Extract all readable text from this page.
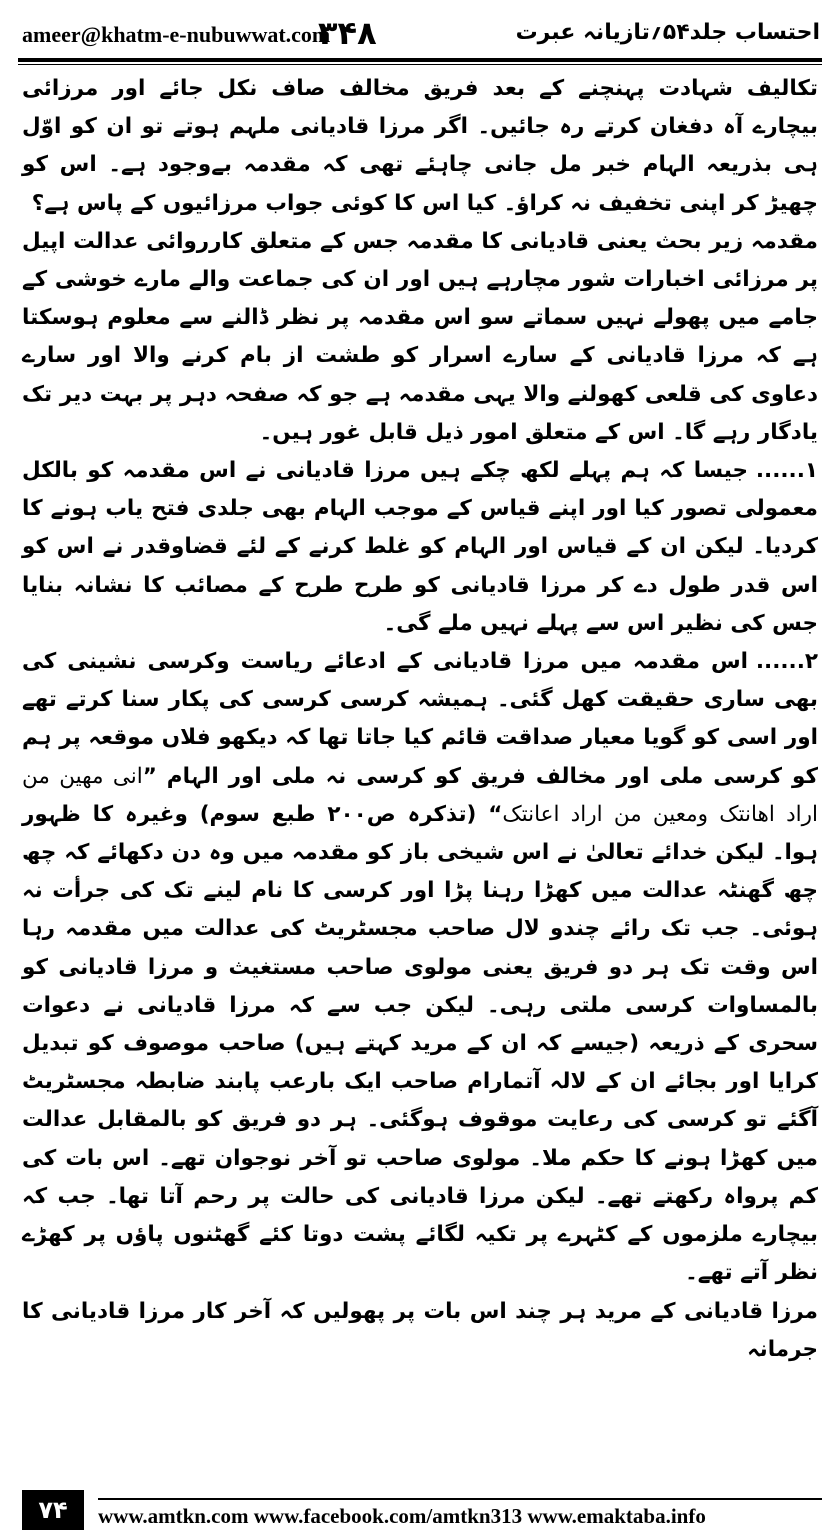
ameer@khatm-e-nubuwwat.com
۳۴۸	احتساب جلد۵۴؍تازیانہ عبرت

تکالیف شہادت پہنچنے کے بعد فریق مخالف صاف نکل جائے اور مرزائی بیچارے آہ دفغان کرتے رہ جائیں۔ اگر مرزا قادیانی ملہم ہوتے تو ان کو اوّل ہی بذریعہ الہام خبر مل جانی چاہئے تھی کہ مقدمہ بےوجود ہے۔ اس کو چھیڑ کر اپنی تخفیف نہ کراؤ۔ کیا اس کا کوئی جواب مرزائیوں کے پاس ہے؟

مقدمہ زیر بحث یعنی قادیانی کا مقدمہ جس کے متعلق کارروائی عدالت اپیل پر مرزائی اخبارات شور مچارہے ہیں اور ان کی جماعت والے مارے خوشی کے جامے میں پھولے نہیں سماتے سو اس مقدمہ پر نظر ڈالنے سے معلوم ہوسکتا ہے کہ مرزا قادیانی کے سارے اسرار کو طشت از بام کرنے والا اور سارے دعاوی کی قلعی کھولنے والا یہی مقدمہ ہے جو کہ صفحہ دہر پر بہت دیر تک یادگار رہے گا۔ اس کے متعلق امور ذیل قابل غور ہیں۔

۱......جیسا کہ ہم پہلے لکھ چکے ہیں مرزا قادیانی نے اس مقدمہ کو بالکل معمولی تصور کیا اور اپنے قیاس کے موجب الہام بھی جلدی فتح یاب ہونے کا کردیا۔ لیکن ان کے قیاس اور الہام کو غلط کرنے کے لئے قضاوقدر نے اس کو اس قدر طول دے کر مرزا قادیانی کو طرح طرح کے مصائب کا نشانہ بنایا جس کی نظیر اس سے پہلے نہیں ملے گی۔

۲......اس مقدمہ میں مرزا قادیانی کے ادعائے ریاست وکرسی نشینی کی بھی ساری حقیقت کھل گئی۔ ہمیشہ کرسی کرسی کی پکار سنا کرتے تھے اور اسی کو گویا معیار صداقت قائم کیا جاتا تھا کہ دیکھو فلاں موقعہ پر ہم کو کرسی ملی اور مخالف فریق کو کرسی نہ ملی اور الہام ”انی مھین من اراد اھانتک ومعین من اراد اعانتک“ (تذکرہ ص۲۰۰ طبع سوم) وغیرہ کا ظہور ہوا۔ لیکن خدائے تعالیٰ نے اس شیخی باز کو مقدمہ میں وہ دن دکھائے کہ چھ چھ گھنٹہ عدالت میں کھڑا رہنا پڑا اور کرسی کا نام لینے تک کی جرأت نہ ہوئی۔ جب تک رائے چندو لال صاحب مجسٹریٹ کی عدالت میں مقدمہ رہا اس وقت تک ہر دو فریق یعنی مولوی صاحب مستغیث و مرزا قادیانی کو بالمساوات کرسی ملتی رہی۔ لیکن جب سے کہ مرزا قادیانی نے دعوات سحری کے ذریعہ (جیسے کہ ان کے مرید کہتے ہیں) صاحب موصوف کو تبدیل کرایا اور بجائے ان کے لالہ آتمارام صاحب ایک بارعب پابند ضابطہ مجسٹریٹ آگئے تو کرسی کی رعایت موقوف ہوگئی۔ ہر دو فریق کو بالمقابل عدالت میں کھڑا ہونے کا حکم ملا۔ مولوی صاحب تو آخر نوجوان تھے۔ اس بات کی کم پرواہ رکھتے تھے۔ لیکن مرزا قادیانی کی حالت پر رحم آتا تھا۔ جب کہ بیچارے ملزموں کے کٹہرے پر تکیہ لگائے پشت دوتا کئے گھٹنوں پاؤں پر کھڑے نظر آتے تھے۔

مرزا قادیانی کے مرید ہر چند اس بات پر پھولیں کہ آخر کار مرزا قادیانی کا جرمانہ

۷۴	www.amtkn.com www.facebook.com/amtkn313 www.emaktaba.info
